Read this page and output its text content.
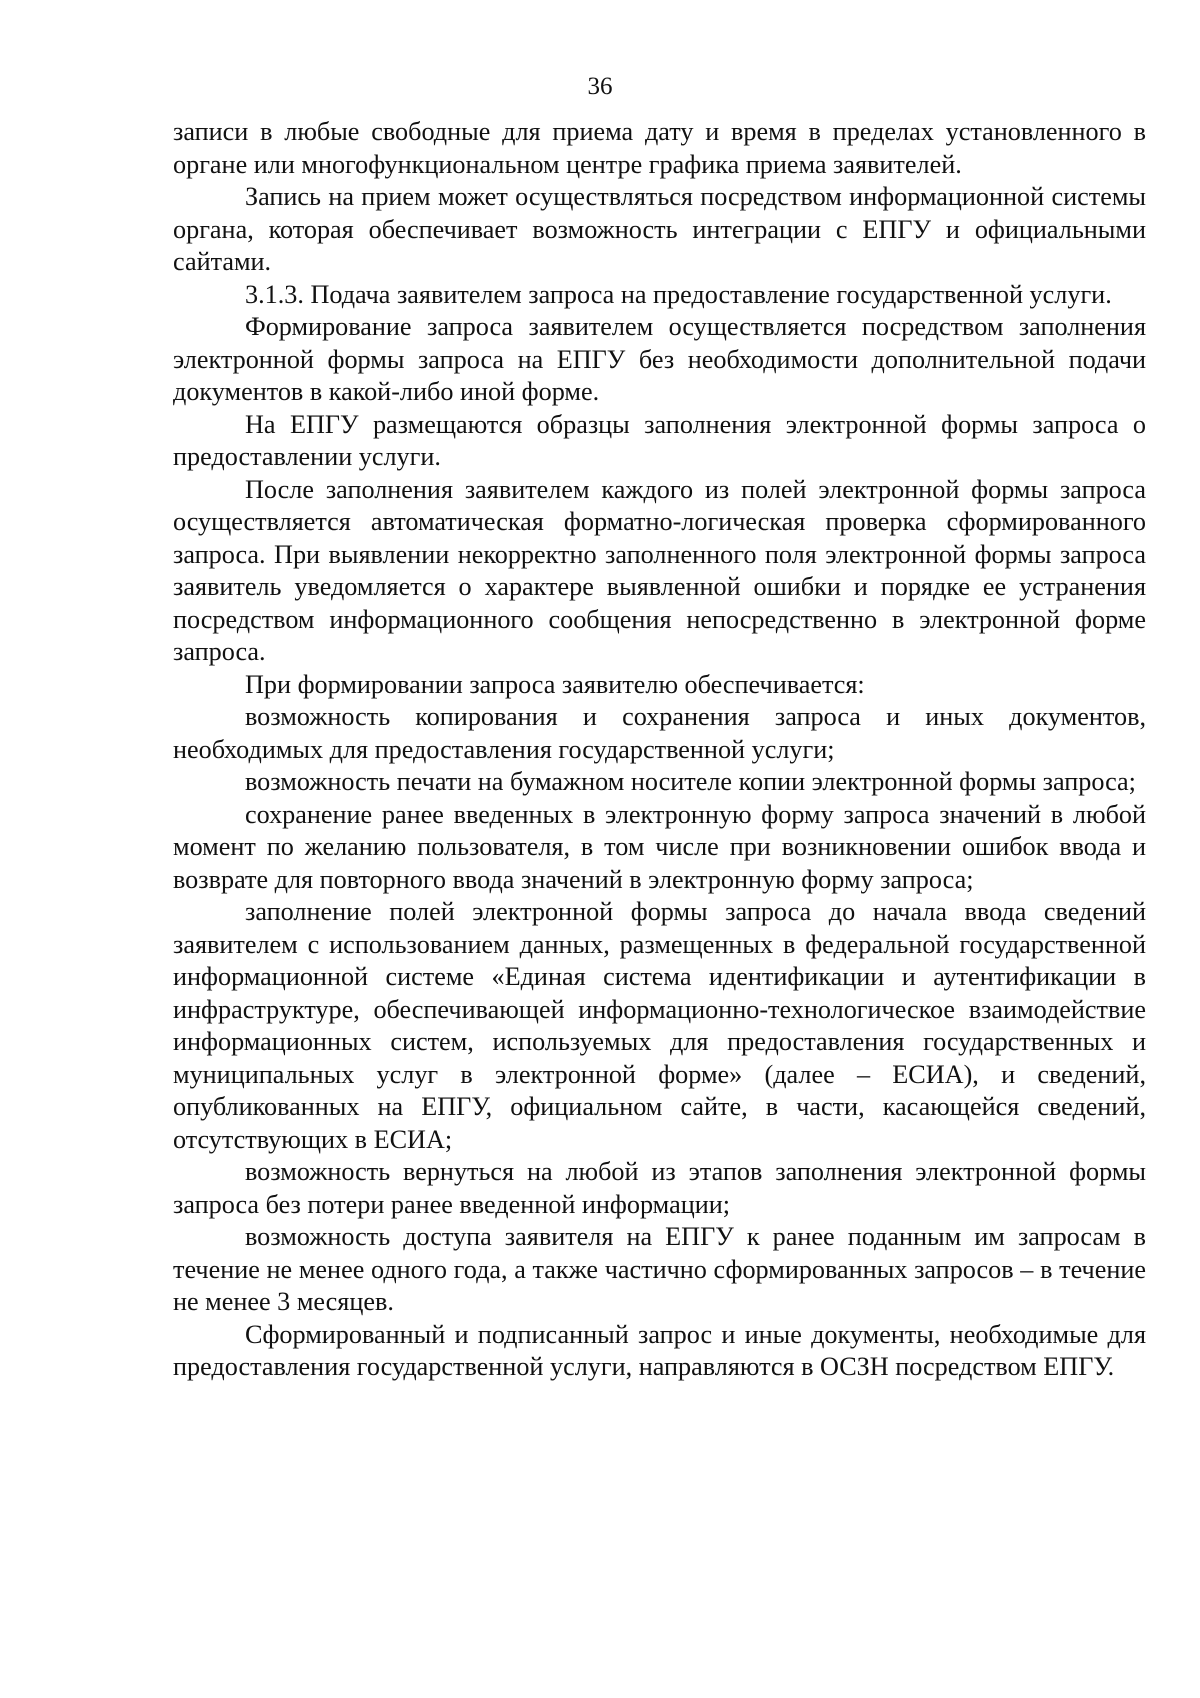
36

записи в любые свободные для приема дату и время в пределах установленного в органе или многофункциональном центре графика приема заявителей.

Запись на прием может осуществляться посредством информационной системы органа, которая обеспечивает возможность интеграции с ЕПГУ и официальными сайтами.

3.1.3. Подача заявителем запроса на предоставление государственной услуги.

Формирование запроса заявителем осуществляется посредством заполнения электронной формы запроса на ЕПГУ без необходимости дополнительной подачи документов в какой-либо иной форме.

На ЕПГУ размещаются образцы заполнения электронной формы запроса о предоставлении услуги.

После заполнения заявителем каждого из полей электронной формы запроса осуществляется автоматическая форматно-логическая проверка сформированного запроса. При выявлении некорректно заполненного поля электронной формы запроса заявитель уведомляется о характере выявленной ошибки и порядке ее устранения посредством информационного сообщения непосредственно в электронной форме запроса.

При формировании запроса заявителю обеспечивается:

возможность копирования и сохранения запроса и иных документов, необходимых для предоставления государственной услуги;

возможность печати на бумажном носителе копии электронной формы запроса;

сохранение ранее введенных в электронную форму запроса значений в любой момент по желанию пользователя, в том числе при возникновении ошибок ввода и возврате для повторного ввода значений в электронную форму запроса;

заполнение полей электронной формы запроса до начала ввода сведений заявителем с использованием данных, размещенных в федеральной государственной информационной системе «Единая система идентификации и аутентификации в инфраструктуре, обеспечивающей информационно-технологическое взаимодействие информационных систем, используемых для предоставления государственных и муниципальных услуг в электронной форме» (далее – ЕСИА), и сведений, опубликованных на ЕПГУ, официальном сайте, в части, касающейся сведений, отсутствующих в ЕСИА;

возможность вернуться на любой из этапов заполнения электронной формы запроса без потери ранее введенной информации;

возможность доступа заявителя на ЕПГУ к ранее поданным им запросам в течение не менее одного года, а также частично сформированных запросов – в течение не менее 3 месяцев.

Сформированный и подписанный запрос и иные документы, необходимые для предоставления государственной услуги, направляются в ОСЗН посредством ЕПГУ.
